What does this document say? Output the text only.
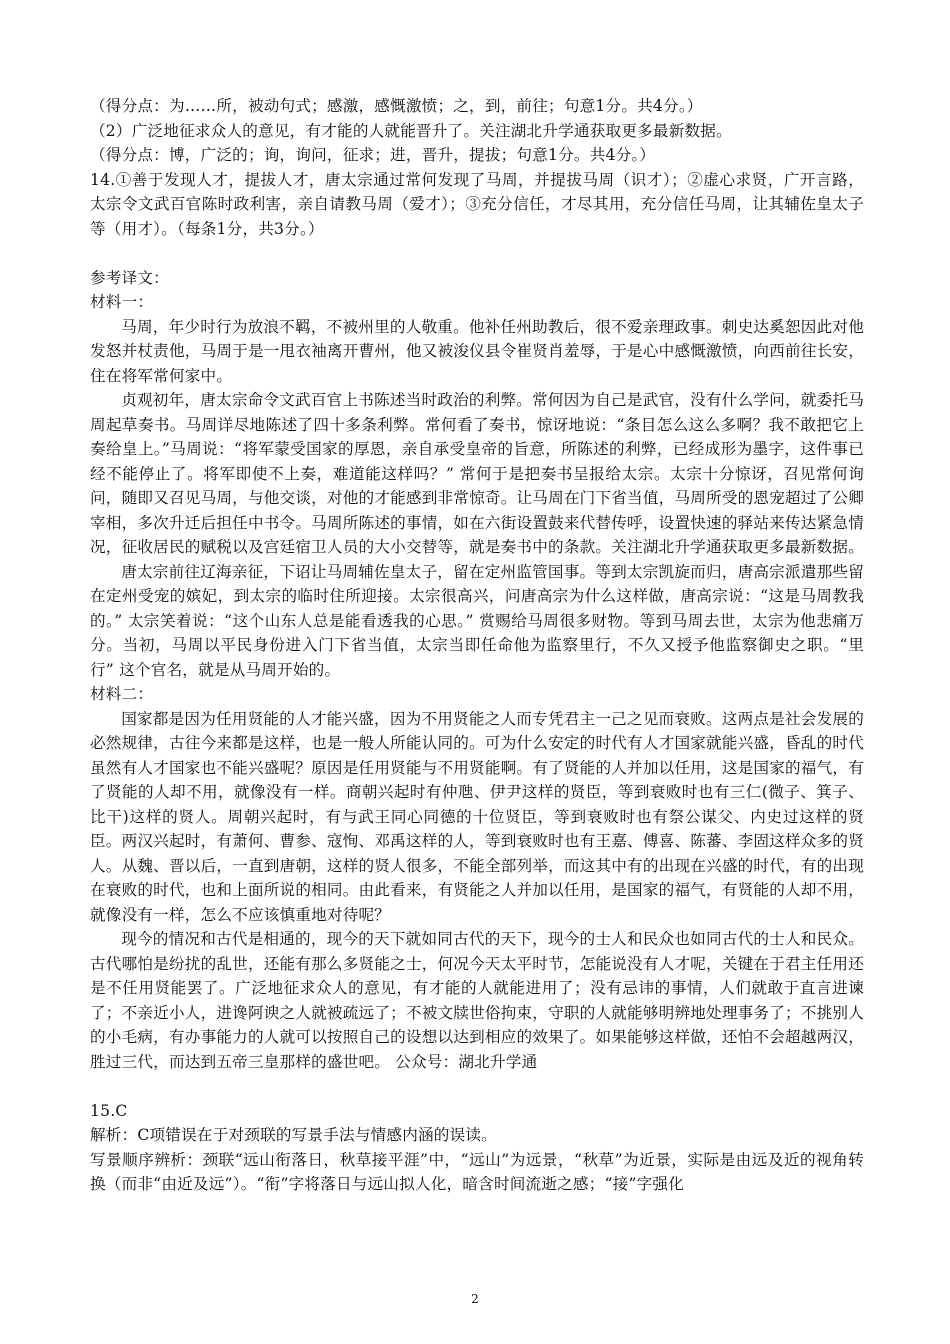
（得分点：为……所，被动句式；感激，感慨激愤；之，到，前往；句意1分。共4分。）

（2）广泛地征求众人的意见，有才能的人就能晋升了。关注湖北升学通获取更多最新数据。

（得分点：博，广泛的；询，询问，征求；进，晋升，提拔；句意1分。共4分。）

14.①善于发现人才，提拔人才，唐太宗通过常何发现了马周，并提拔马周（识才）；②虚心求贤，广开言路，太宗令文武百官陈时政利害，亲自请教马周（爱才）；③充分信任，才尽其用，充分信任马周，让其辅佐皇太子等（用才）。（每条1分，共3分。）

参考译文：

材料一：

马周，年少时行为放浪不羁，不被州里的人敬重。他补任州助教后，很不爱亲理政事。刺史达奚恕因此对他发怒并杖责他，马周于是一甩衣袖离开曹州，他又被浚仪县令崔贤肖羞辱，于是心中感慨激愤，向西前往长安，住在将军常何家中。

贞观初年，唐太宗命令文武百官上书陈述当时政治的利弊。常何因为自己是武官，没有什么学问，就委托马周起草奏书。马周详尽地陈述了四十多条利弊。常何看了奏书，惊讶地说：“条目怎么这么多啊？我不敢把它上奏给皇上。”马周说：“将军蒙受国家的厚恩，亲自承受皇帝的旨意，所陈述的利弊，已经成形为墨字，这件事已经不能停止了。将军即使不上奏，难道能这样吗？” 常何于是把奏书呈报给太宗。太宗十分惊讶，召见常何询问，随即又召见马周，与他交谈，对他的才能感到非常惊奇。让马周在门下省当值，马周所受的恩宠超过了公卿宰相，多次升迁后担任中书令。马周所陈述的事情，如在六街设置鼓来代替传呼，设置快速的驿站来传达紧急情况，征收居民的赋税以及宫廷宿卫人员的大小交替等，就是奏书中的条款。关注湖北升学通获取更多最新数据。

唐太宗前往辽海亲征，下诏让马周辅佐皇太子，留在定州监管国事。等到太宗凯旋而归，唐高宗派遣那些留在定州受宠的嫔妃，到太宗的临时住所迎接。太宗很高兴，问唐高宗为什么这样做，唐高宗说：“这是马周教我的。” 太宗笑着说：“这个山东人总是能看透我的心思。” 赏赐给马周很多财物。等到马周去世，太宗为他悲痛万分。当初，马周以平民身份进入门下省当值，太宗当即任命他为监察里行，不久又授予他监察御史之职。“里行” 这个官名，就是从马周开始的。

材料二：

国家都是因为任用贤能的人才能兴盛，因为不用贤能之人而专凭君主一己之见而衰败。这两点是社会发展的必然规律，古往今来都是这样，也是一般人所能认同的。可为什么安定的时代有人才国家就能兴盛，昏乱的时代虽然有人才国家也不能兴盛呢？原因是任用贤能与不用贤能啊。有了贤能的人并加以任用，这是国家的福气，有了贤能的人却不用，就像没有一样。商朝兴起时有仲虺、伊尹这样的贤臣，等到衰败时也有三仁(微子、箕子、比干)这样的贤人。周朝兴起时，有与武王同心同德的十位贤臣，等到衰败时也有祭公谋父、内史过这样的贤臣。两汉兴起时，有萧何、曹参、寇恂、邓禹这样的人，等到衰败时也有王嘉、傅喜、陈蕃、李固这样众多的贤人。从魏、晋以后，一直到唐朝，这样的贤人很多，不能全部列举，而这其中有的出现在兴盛的时代，有的出现在衰败的时代，也和上面所说的相同。由此看来，有贤能之人并加以任用，是国家的福气，有贤能的人却不用，就像没有一样，怎么不应该慎重地对待呢？

现今的情况和古代是相通的，现今的天下就如同古代的天下，现今的士人和民众也如同古代的士人和民众。古代哪怕是纷扰的乱世，还能有那么多贤能之士，何况今天太平时节，怎能说没有人才呢，关键在于君主任用还是不任用贤能罢了。广泛地征求众人的意见，有才能的人就能进用了；没有忌讳的事情，人们就敢于直言进谏了；不亲近小人，进谗阿谀之人就被疏远了；不被文牍世俗拘束，守职的人就能够明辨地处理事务了；不挑别人的小毛病，有办事能力的人就可以按照自己的设想以达到相应的效果了。如果能够这样做，还怕不会超越两汉，胜过三代，而达到五帝三皇那样的盛世吧。 公众号：湖北升学通

15.C

解析：C项错误在于对颈联的写景手法与情感内涵的误读。

写景顺序辨析：颈联“远山衔落日，秋草接平涯”中，“远山”为远景，“秋草”为近景，实际是由远及近的视角转换（而非“由近及远”）。“衔”字将落日与远山拟人化，暗含时间流逝之感；“接”字强化

2
